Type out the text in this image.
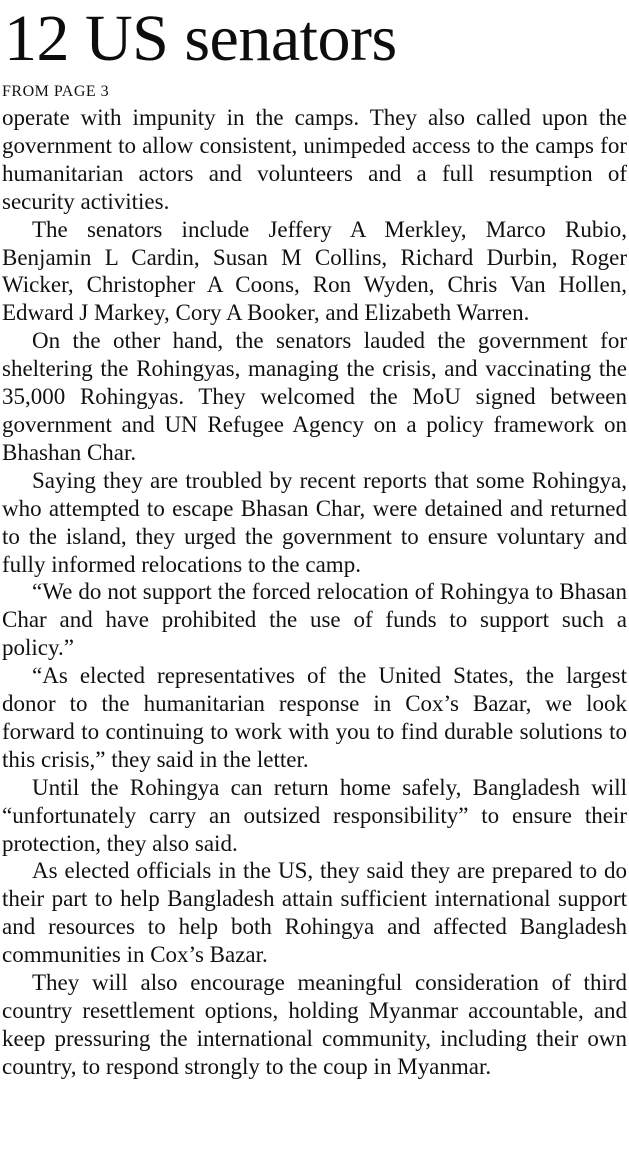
12 US senators
FROM PAGE 3

operate with impunity in the camps. They also called upon the government to allow consistent, unimpeded access to the camps for humanitarian actors and volunteers and a full resumption of security activities.

The senators include Jeffery A Merkley, Marco Rubio, Benjamin L Cardin, Susan M Collins, Richard Durbin, Roger Wicker, Christopher A Coons, Ron Wyden, Chris Van Hollen, Edward J Markey, Cory A Booker, and Elizabeth Warren.

On the other hand, the senators lauded the government for sheltering the Rohingyas, managing the crisis, and vaccinating the 35,000 Rohingyas. They welcomed the MoU signed between government and UN Refugee Agency on a policy framework on Bhashan Char.

Saying they are troubled by recent reports that some Rohingya, who attempted to escape Bhasan Char, were detained and returned to the island, they urged the government to ensure voluntary and fully informed relocations to the camp.

“We do not support the forced relocation of Rohingya to Bhasan Char and have prohibited the use of funds to support such a policy.”

“As elected representatives of the United States, the largest donor to the humanitarian response in Cox’s Bazar, we look forward to continuing to work with you to find durable solutions to this crisis,” they said in the letter.

Until the Rohingya can return home safely, Bangladesh will “unfortunately carry an outsized responsibility” to ensure their protection, they also said.

As elected officials in the US, they said they are prepared to do their part to help Bangladesh attain sufficient international support and resources to help both Rohingya and affected Bangladesh communities in Cox’s Bazar.

They will also encourage meaningful consideration of third country resettlement options, holding Myanmar accountable, and keep pressuring the international community, including their own country, to respond strongly to the coup in Myanmar.
